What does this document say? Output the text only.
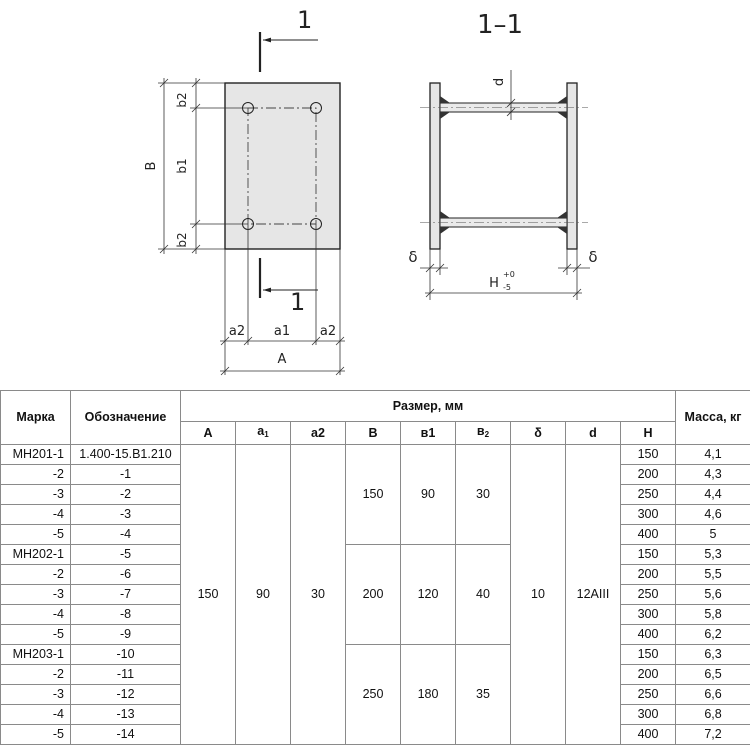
1
1
b2
b1
b2
B
a2 a1 a2
A
1–1
d
δ	δ
H
+0
-5
Марка	Обозначение	Размер, мм									Масса, кг
		A	$a_1$	a2	B	в1	$в_2$	δ	d	H	
МН201-1	1.400-15.В1.210	150	90	30	150	90	30	10	12AIII	150	4,1
-2	-1									200	4,3
-3	-2									250	4,4
-4	-3									300	4,6
-5	-4									400	5
МН202-1	-5				200	120	40			150	5,3
-2	-6									200	5,5
-3	-7									250	5,6
-4	-8									300	5,8
-5	-9									400	6,2
МН203-1	-10				250	180	35			150	6,3
-2	-11									200	6,5
-3	-12									250	6,6
-4	-13									300	6,8
-5	-14									400	7,2
